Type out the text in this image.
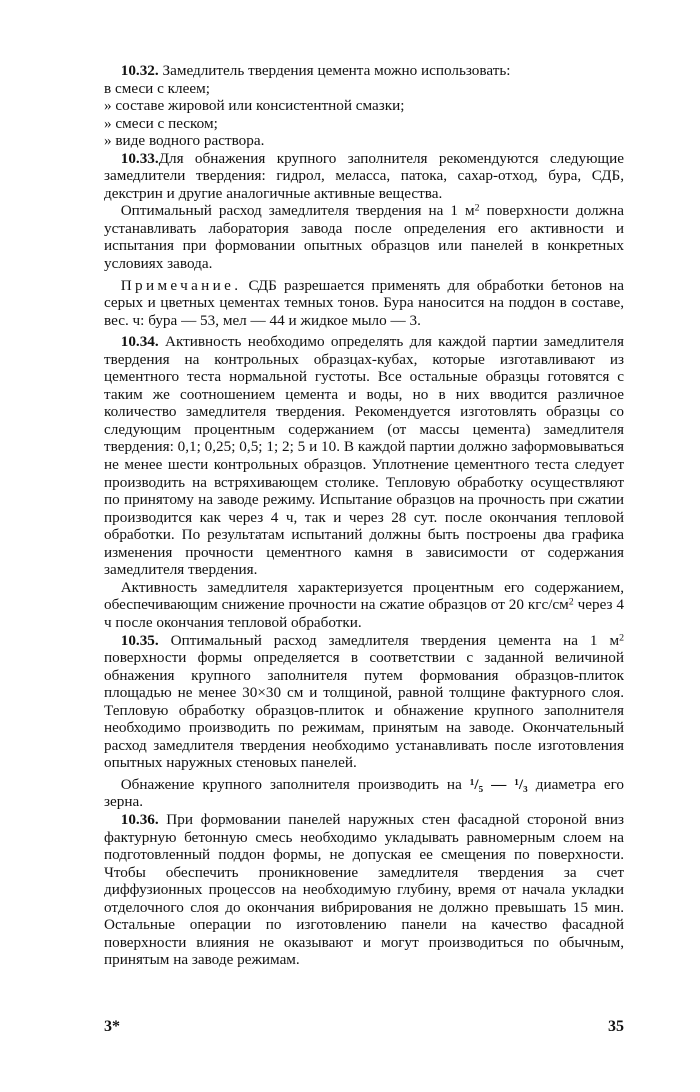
10.32. Замедлитель твердения цемента можно использовать:

в смеси с клеем;

» составе жировой или консистентной смазки;

» смеси с песком;

» виде водного раствора.

10.33.Для обнажения крупного заполнителя рекомендуются следующие замедлители твердения: гидрол, меласса, патока, сахар-отход, бура, СДБ, декстрин и другие аналогичные активные вещества.

Оптимальный расход замедлителя твердения на 1 $м^2$ поверхности должна устанавливать лаборатория завода после определения его активности и испытания при формовании опытных образцов или панелей в конкретных условиях завода.

Примечание. СДБ разрешается применять для обработки бетонов на серых и цветных цементах темных тонов. Бура наносится на поддон в составе, вес. ч: бура — 53, мел — 44 и жидкое мыло — 3.

10.34. Активность необходимо определять для каждой партии замедлителя твердения на контрольных образцах-кубах, которые изготавливают из цементного теста нормальной густоты. Все остальные образцы готовятся с таким же соотношением цемента и воды, но в них вводится различное количество замедлителя твердения. Рекомендуется изготовлять образцы со следующим процентным содержанием (от массы цемента) замедлителя твердения: 0,1; 0,25; 0,5; 1; 2; 5 и 10. В каждой партии должно заформовываться не менее шести контрольных образцов. Уплотнение цементного теста следует производить на встряхивающем столике. Тепловую обработку осуществляют по принятому на заводе режиму. Испытание образцов на прочность при сжатии производится как через 4 ч, так и через 28 сут. после окончания тепловой обработки. По результатам испытаний должны быть построены два графика изменения прочности цементного камня в зависимости от содержания замедлителя твердения.

Активность замедлителя характеризуется процентным его содержанием, обеспечивающим снижение прочности на сжатие образцов от 20 кгс/$см^2$ через 4 ч после окончания тепловой обработки.

10.35. Оптимальный расход замедлителя твердения цемента на 1 $м^2$ поверхности формы определяется в соответствии с заданной величиной обнажения крупного заполнителя путем формования образцов-плиток площадью не менее 30×30 см и толщиной, равной толщине фактурного слоя. Тепловую обработку образцов-плиток и обнажение крупного заполнителя необходимо производить по режимам, принятым на заводе. Окончательный расход замедлителя твердения необходимо устанавливать после изготовления опытных наружных стеновых панелей.

Обнажение крупного заполнителя производить на ¹/₅ — ¹/₃ диаметра его зерна.

10.36. При формовании панелей наружных стен фасадной стороной вниз фактурную бетонную смесь необходимо укладывать равномерным слоем на подготовленный поддон формы, не допуская ее смещения по поверхности. Чтобы обеспечить проникновение замедлителя твердения за счет диффузионных процессов на необходимую глубину, время от начала укладки отделочного слоя до окончания вибрирования не должно превышать 15 мин. Остальные операции по изготовлению панели на качество фасадной поверхности влияния не оказывают и могут производиться по обычным, принятым на заводе режимам.

3*	35
